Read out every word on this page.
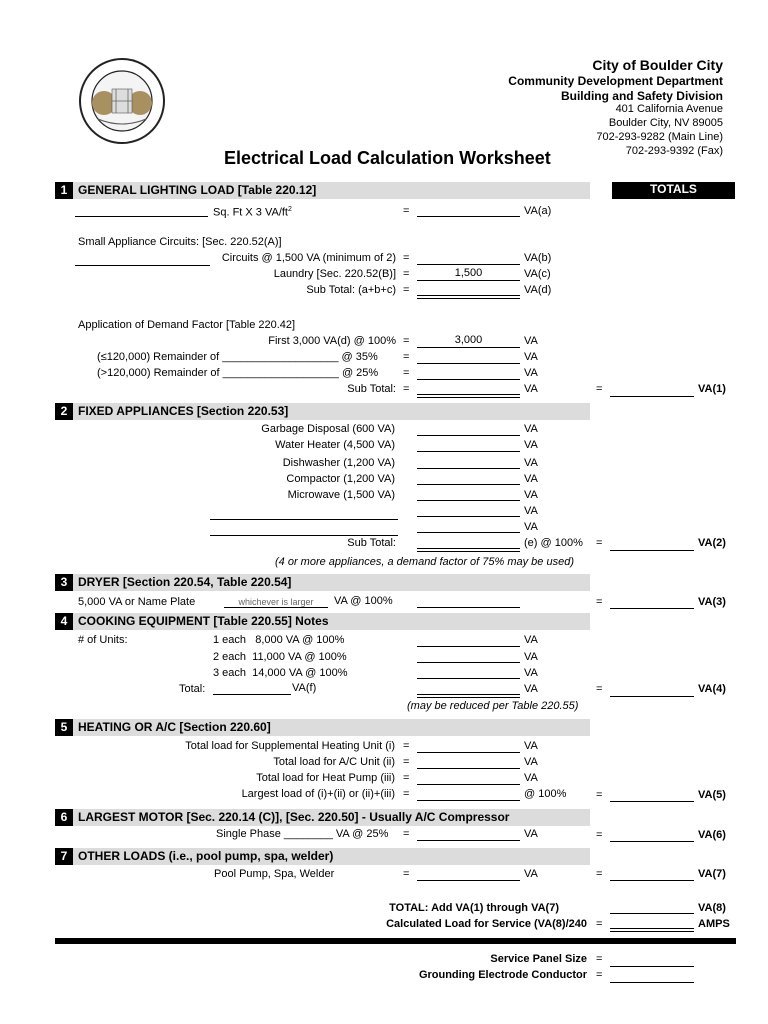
City of Boulder City
Community Development Department
Building and Safety Division
401 California Avenue
Boulder City, NV 89005
702-293-9282 (Main Line)
702-293-9392 (Fax)
Electrical Load Calculation Worksheet
TOTALS
1 GENERAL LIGHTING LOAD [Table 220.12]
Sq. Ft X 3 $VA/ft^2$	=	VA(a)
Small Appliance Circuits: [Sec. 220.52(A)]
Circuits @ 1,500 VA (minimum of 2) =	VA(b)
Laundry [Sec. 220.52(B)] =	1,500	VA(c)
Sub Total: (a+b+c) =	VA(d)
Application of Demand Factor [Table 220.42]
First 3,000 VA(d) @ 100% =	3,000	VA
(≤120,000) Remainder of ___________________ @ 35% =	VA
(>120,000) Remainder of ___________________ @ 25% =	VA
Sub Total: =	VA	=	VA(1)
2 FIXED APPLIANCES [Section 220.53]
Garbage Disposal (600 VA)	VA
Water Heater (4,500 VA)	VA
Dishwasher (1,200 VA)	VA
Compactor (1,200 VA)	VA
Microwave (1,500 VA)	VA
VA
VA
Sub Total:	(e) @ 100% =	VA(2)
(4 or more appliances, a demand factor of 75% may be used)
3 DRYER [Section 220.54, Table 220.54]
5,000 VA or Name Plate	whichever is larger	VA @ 100%	=	VA(3)
4 COOKING EQUIPMENT [Table 220.55] Notes
# of Units:	1 each   8,000 VA @ 100%	VA
2 each  11,000 VA @ 100%	VA
3 each  14,000 VA @ 100%	VA
Total:	VA(f)	VA	=	VA(4)
(may be reduced per Table 220.55)
5 HEATING OR A/C [Section 220.60]
Total load for Supplemental Heating Unit (i) =	VA
Total load for A/C Unit (ii) =	VA
Total load for Heat Pump (iii) =	VA
Largest load of (i)+(ii) or (ii)+(iii) =	@ 100%	=	VA(5)
6 LARGEST MOTOR [Sec. 220.14 (C)], [Sec. 220.50] - Usually A/C Compressor
Single Phase ________ VA @ 25% =	VA	=	VA(6)
7 OTHER LOADS (i.e., pool pump, spa, welder)
Pool Pump, Spa, Welder	=	VA	=	VA(7)
TOTAL: Add VA(1) through VA(7)	VA(8)
Calculated Load for Service (VA(8)/240 =	AMPS
Service Panel Size =
Grounding Electrode Conductor =
